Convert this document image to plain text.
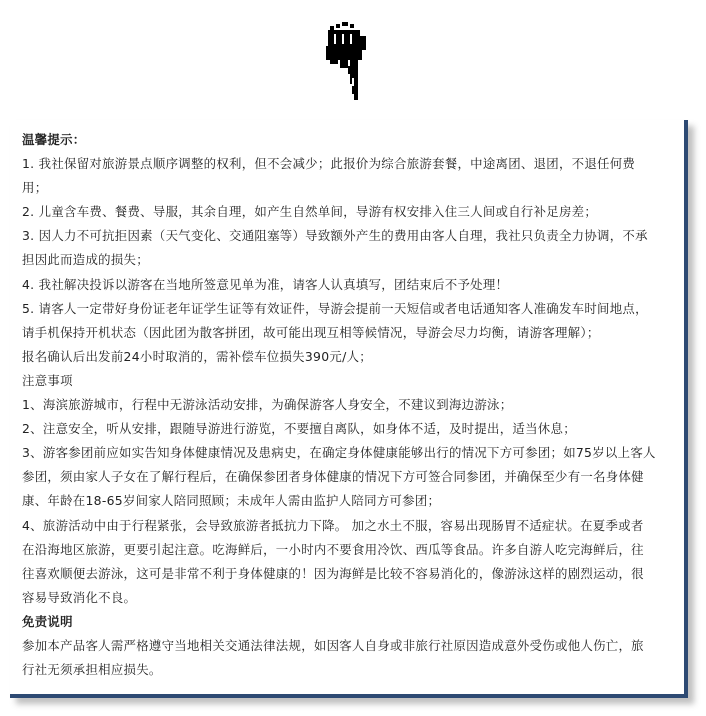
温馨提示：
1. 我社保留对旅游景点顺序调整的权利，但不会减少；此报价为综合旅游套餐，中途离团、退团，不退任何费
用；
2. 儿童含车费、餐费、导服，其余自理，如产生自然单间，导游有权安排入住三人间或自行补足房差；
3. 因人力不可抗拒因素（天气变化、交通阻塞等）导致额外产生的费用由客人自理，我社只负责全力协调，不承
担因此而造成的损失；
4. 我社解决投诉以游客在当地所签意见单为准，请客人认真填写，团结束后不予处理！
5. 请客人一定带好身份证老年证学生证等有效证件，导游会提前一天短信或者电话通知客人准确发车时间地点，
请手机保持开机状态（因此团为散客拼团，故可能出现互相等候情况，导游会尽力均衡，请游客理解）；
报名确认后出发前24小时取消的，需补偿车位损失390元/人；
注意事项
1、海滨旅游城市，行程中无游泳活动安排，为确保游客人身安全，不建议到海边游泳；
2、注意安全，听从安排，跟随导游进行游览，不要擅自离队，如身体不适，及时提出，适当休息；
3、游客参团前应如实告知身体健康情况及患病史，在确定身体健康能够出行的情况下方可参团；如75岁以上客人
参团，须由家人子女在了解行程后，在确保参团者身体健康的情况下方可签合同参团，并确保至少有一名身体健
康、年龄在18-65岁间家人陪同照顾；未成年人需由监护人陪同方可参团；
4、旅游活动中由于行程紧张，会导致旅游者抵抗力下降。 加之水土不服，容易出现肠胃不适症状。在夏季或者
在沿海地区旅游，更要引起注意。吃海鲜后，一小时内不要食用冷饮、西瓜等食品。许多自游人吃完海鲜后，往
往喜欢顺便去游泳，这可是非常不利于身体健康的！因为海鲜是比较不容易消化的，像游泳这样的剧烈运动，很
容易导致消化不良。
免责说明
参加本产品客人需严格遵守当地相关交通法律法规，如因客人自身或非旅行社原因造成意外受伤或他人伤亡，旅
行社无须承担相应损失。
